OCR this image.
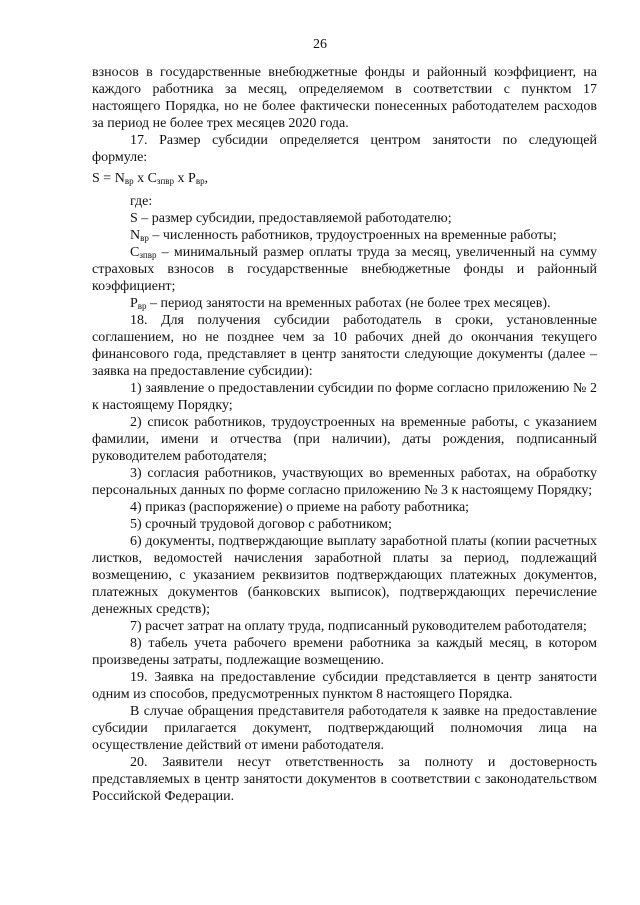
26

взносов в государственные внебюджетные фонды и районный коэффициент, на каждого работника за месяц, определяемом в соответствии с пунктом 17 настоящего Порядка, но не более фактически понесенных работодателем расходов за период не более трех месяцев 2020 года.

17. Размер субсидии определяется центром занятости по следующей формуле:

$S = N_{вр}$ x $C_{зпвр}$ x $P_{вр}$,

где:

S – размер субсидии, предоставляемой работодателю;

$N_{вр}$ – численность работников, трудоустроенных на временные работы;

$C_{зпвр}$ – минимальный размер оплаты труда за месяц, увеличенный на сумму страховых взносов в государственные внебюджетные фонды и районный коэффициент;

$P_{вр}$ – период занятости на временных работах (не более трех месяцев).

18. Для получения субсидии работодатель в сроки, установленные соглашением, но не позднее чем за 10 рабочих дней до окончания текущего финансового года, представляет в центр занятости следующие документы (далее – заявка на предоставление субсидии):

1) заявление о предоставлении субсидии по форме согласно приложению № 2 к настоящему Порядку;

2) список работников, трудоустроенных на временные работы, с указанием фамилии, имени и отчества (при наличии), даты рождения, подписанный руководителем работодателя;

3) согласия работников, участвующих во временных работах, на обработку персональных данных по форме согласно приложению № 3 к настоящему Порядку;

4) приказ (распоряжение) о приеме на работу работника;

5) срочный трудовой договор с работником;

6) документы, подтверждающие выплату заработной платы (копии расчетных листков, ведомостей начисления заработной платы за период, подлежащий возмещению, с указанием реквизитов подтверждающих платежных документов, платежных документов (банковских выписок), подтверждающих перечисление денежных средств);

7) расчет затрат на оплату труда, подписанный руководителем работодателя;

8) табель учета рабочего времени работника за каждый месяц, в котором произведены затраты, подлежащие возмещению.

19. Заявка на предоставление субсидии представляется в центр занятости одним из способов, предусмотренных пунктом 8 настоящего Порядка.

В случае обращения представителя работодателя к заявке на предоставление субсидии прилагается документ, подтверждающий полномочия лица на осуществление действий от имени работодателя.

20. Заявители несут ответственность за полноту и достоверность представляемых в центр занятости документов в соответствии с законодательством Российской Федерации.
